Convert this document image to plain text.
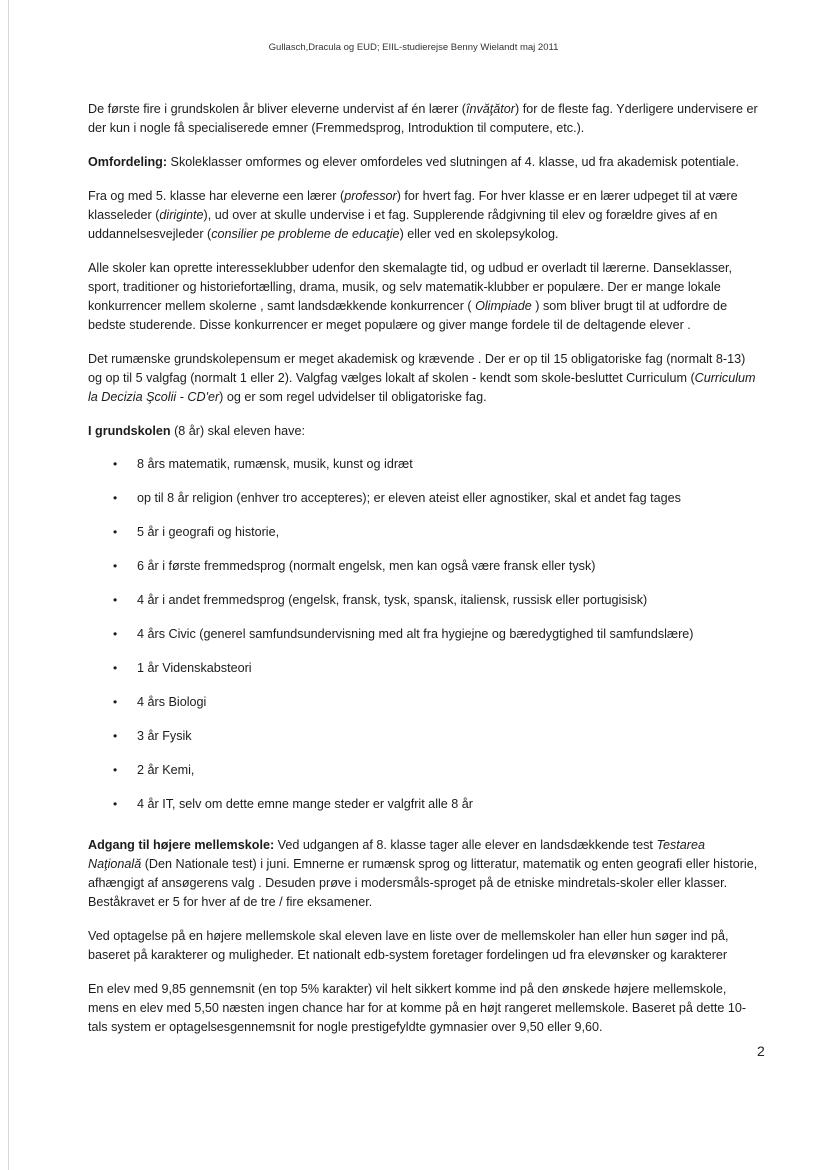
Gullasch,Dracula og EUD; EIIL-studierejse Benny Wielandt maj 2011

De første fire i grundskolen år bliver eleverne undervist af én lærer (învăţător) for de fleste fag. Yderligere undervisere er der kun i nogle få specialiserede emner (Fremmedsprog, Introduktion til computere, etc.).

Omfordeling: Skoleklasser omformes og elever omfordeles ved slutningen af 4. klasse, ud fra akademisk potentiale.

Fra og med 5. klasse har eleverne een lærer (professor) for hvert fag. For hver klasse er en lærer udpeget til at være klasseleder (diriginte), ud over at skulle undervise i et fag. Supplerende rådgivning til elev og forældre gives af en uddannelsesvejleder (consilier pe probleme de educaţie) eller ved en skolepsykolog.

Alle skoler kan oprette interesseklubber udenfor den skemalagte tid, og udbud er overladt til lærerne. Danseklasser, sport, traditioner og historiefortælling, drama, musik, og selv matematik-klubber er populære. Der er mange lokale konkurrencer mellem skolerne , samt landsdækkende konkurrencer ( Olimpiade ) som bliver brugt til at udfordre de bedste studerende. Disse konkurrencer er meget populære og giver mange fordele til de deltagende elever .

Det rumænske grundskolepensum er meget akademisk og krævende . Der er op til 15 obligatoriske fag (normalt 8-13) og op til 5 valgfag (normalt 1 eller 2). Valgfag vælges lokalt af skolen - kendt som skole-besluttet Curriculum (Curriculum la Decizia Şcolii - CD'er) og er som regel udvidelser til obligatoriske fag.

I grundskolen (8 år) skal eleven have:

• 8 års matematik, rumænsk, musik, kunst og idræt
• op til 8 år religion (enhver tro accepteres); er eleven ateist eller agnostiker, skal et andet fag tages
• 5 år i geografi og historie,
• 6 år i første fremmedsprog (normalt engelsk, men kan også være fransk eller tysk)
• 4 år i andet fremmedsprog (engelsk, fransk, tysk, spansk, italiensk, russisk eller portugisisk)
• 4 års Civic (generel samfundsundervisning med alt fra hygiejne og bæredygtighed til samfundslære)
• 1 år Videnskabsteori
• 4 års Biologi
• 3 år Fysik
• 2 år Kemi,
• 4 år IT, selv om dette emne mange steder er valgfrit alle 8 år

Adgang til højere mellemskole: Ved udgangen af 8. klasse tager alle elever en landsdækkende test Testarea Naţională (Den Nationale test) i juni. Emnerne er rumænsk sprog og litteratur, matematik og enten geografi eller historie, afhængigt af ansøgerens valg . Desuden prøve i modersmåls-sproget på de etniske mindretals-skoler eller klasser. Beståkravet er 5 for hver af de tre / fire eksamener.

Ved optagelse på en højere mellemskole skal eleven lave en liste over de mellemskoler han eller hun søger ind på, baseret på karakterer og muligheder. Et nationalt edb-system foretager fordelingen ud fra elevønsker og karakterer

En elev med 9,85 gennemsnit (en top 5% karakter) vil helt sikkert komme ind på den ønskede højere mellemskole, mens en elev med 5,50 næsten ingen chance har for at komme på en højt rangeret mellemskole. Baseret på dette 10-tals system er optagelsesgennemsnit for nogle prestigefyldte gymnasier over 9,50 eller 9,60.

2
